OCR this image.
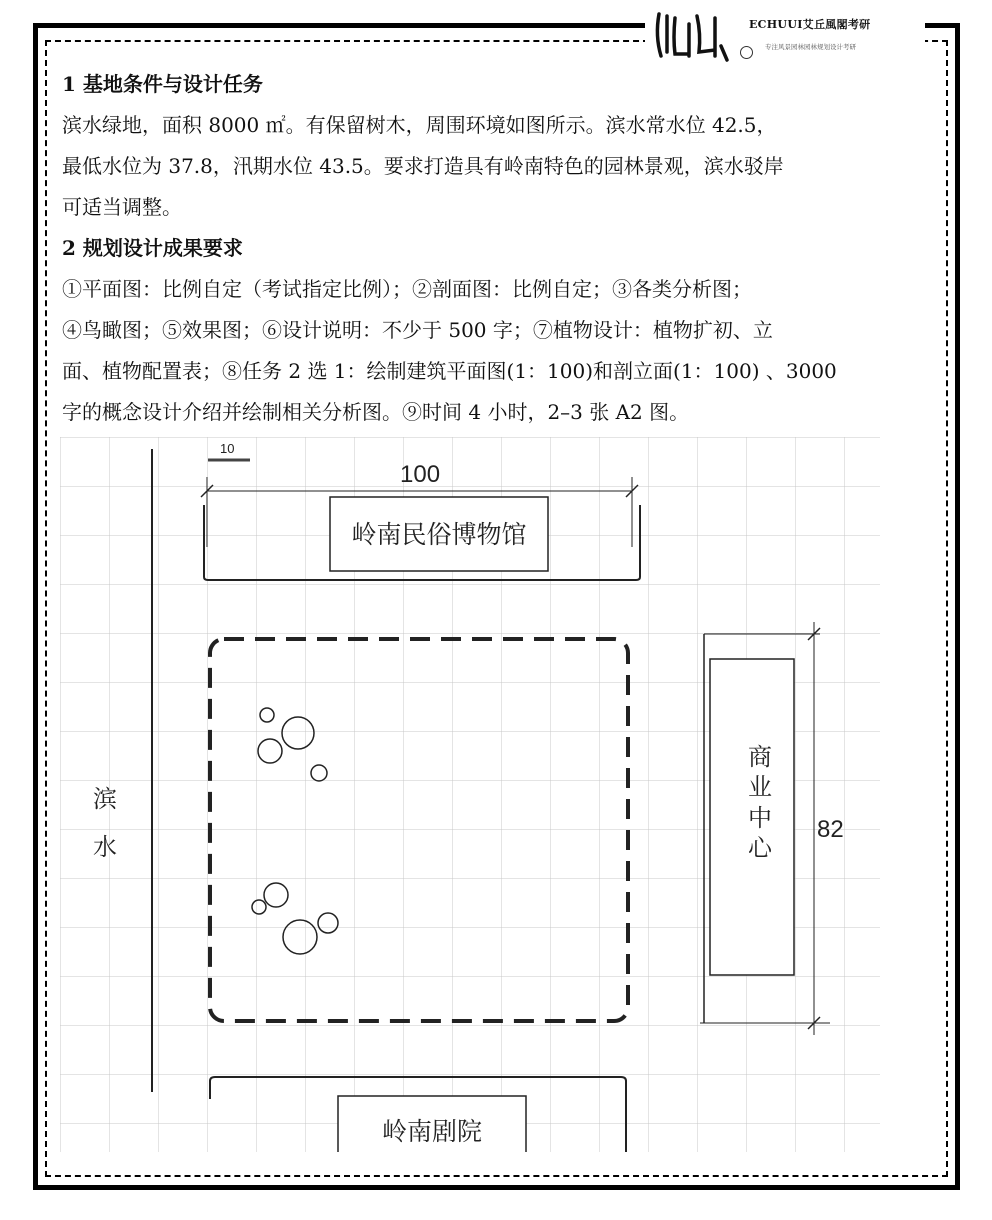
ECHUUI艾丘風閣考研
专注风景园林园林规划设计考研

1 基地条件与设计任务

滨水绿地，面积 8000 ㎡。有保留树木，周围环境如图所示。滨水常水位 42.5，

最低水位为 37.8，汛期水位 43.5。要求打造具有岭南特色的园林景观，滨水驳岸

可适当调整。

2 规划设计成果要求

①平面图：比例自定（考试指定比例）；②剖面图：比例自定；③各类分析图；

④鸟瞰图；⑤效果图；⑥设计说明：不少于 500 字；⑦植物设计：植物扩初、立

面、植物配置表；⑧任务 2 选 1：绘制建筑平面图(1：100)和剖立面(1：100) 、3000

字的概念设计介绍并绘制相关分析图。⑨时间 4 小时，2–3 张 A2 图。

10
滨
水
100
岭南民俗博物馆
商
业
中
心
82
岭南剧院
